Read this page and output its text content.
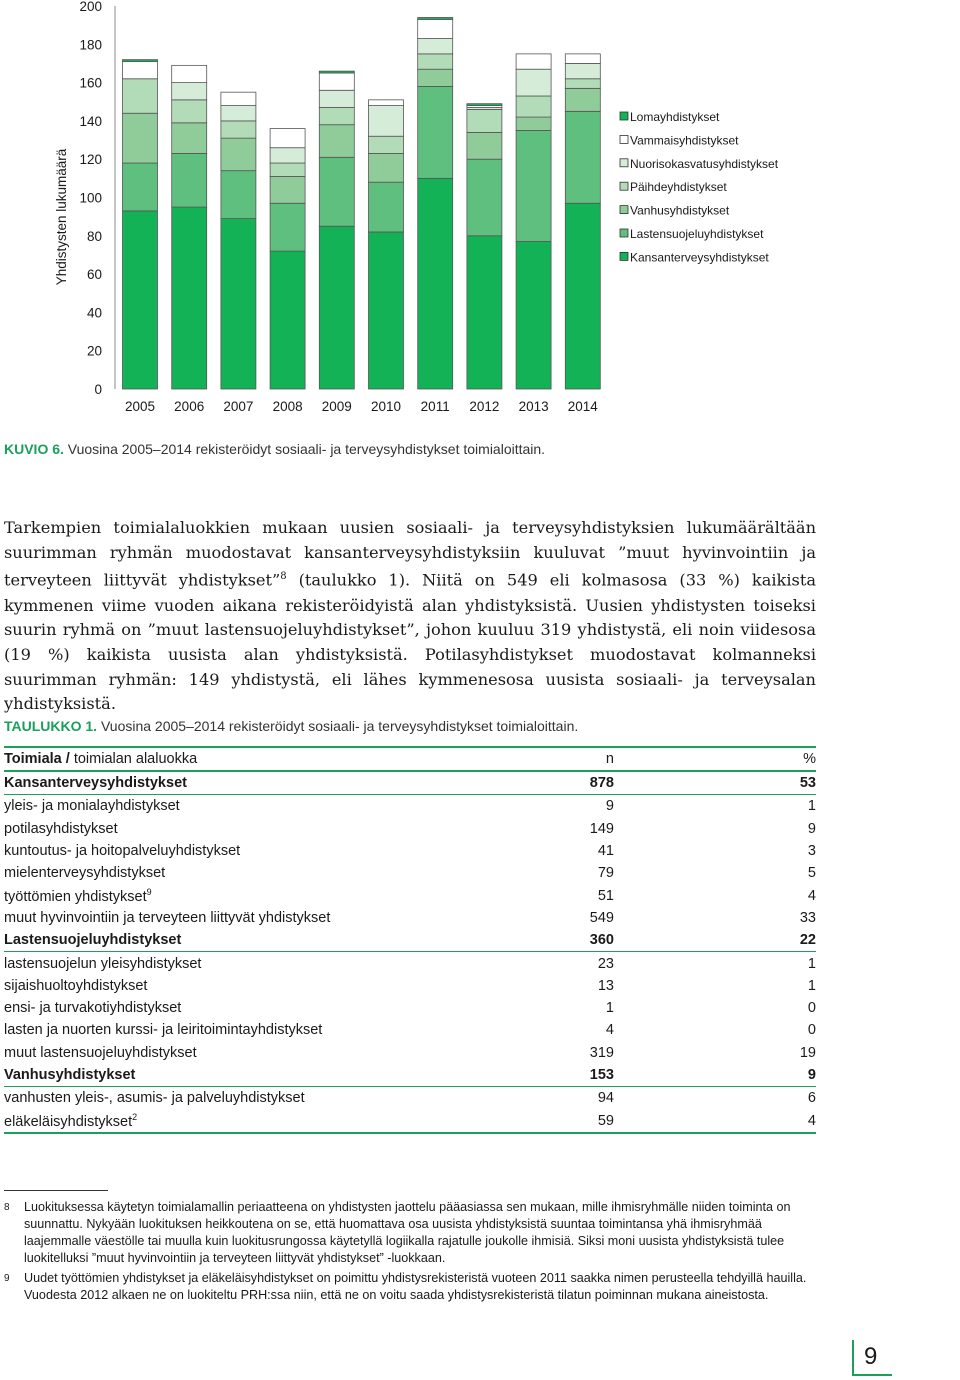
0
20
40
60
80
100
120
140
160
180
200
2005 2006 2007 2008 2009 2010 2011 2012 2013 2014
Yhdistysten lukumäärä
Lomayhdistykset
Vammaisyhdistykset
Nuorisokasvatusyhdistykset
Päihdeyhdistykset
Vanhusyhdistykset
Lastensuojeluyhdistykset
Kansanterveysyhdistykset
KUVIO 6. Vuosina 2005–2014 rekisteröidyt sosiaali- ja terveysyhdistykset toimialoittain.

Tarkempien toimialaluokkien mukaan uusien sosiaali- ja terveysyhdistyksien lukumäärältään suurimman ryhmän muodostavat kansanterveysyhdistyksiin kuuluvat ”muut hyvinvointiin ja terveyteen liittyvät yhdistykset”$^8$ (taulukko 1). Niitä on 549 eli kolmasosa (33 %) kaikista kymmenen viime vuoden aikana rekisteröidyistä alan yhdistyksistä. Uusien yhdistysten toiseksi suurin ryhmä on ”muut lastensuojeluyhdistykset”, johon kuuluu 319 yhdistystä, eli noin viidesosa (19 %) kaikista uusista alan yhdistyksistä. Potilasyhdistykset muodostavat kolmanneksi suurimman ryhmän: 149 yhdistystä, eli lähes kymmenesosa uusista sosiaali- ja terveysalan yhdistyksistä.

TAULUKKO 1. Vuosina 2005–2014 rekisteröidyt sosiaali- ja terveysyhdistykset toimialoittain.
Toimiala / toimialan alaluokka	n	%
Kansanterveysyhdistykset	878	53
yleis- ja monialayhdistykset	9	1
potilasyhdistykset	149	9
kuntoutus- ja hoitopalveluyhdistykset	41	3
mielenterveysyhdistykset	79	5
työttömien yhdistykset$^9$	51	4
muut hyvinvointiin ja terveyteen liittyvät yhdistykset	549	33
Lastensuojeluyhdistykset	360	22
lastensuojelun yleisyhdistykset	23	1
sijaishuoltoyhdistykset	13	1
ensi- ja turvakotiyhdistykset	1	0
lasten ja nuorten kurssi- ja leiritoimintayhdistykset	4	0
muut lastensuojeluyhdistykset	319	19
Vanhusyhdistykset	153	9
vanhusten yleis-, asumis- ja palveluyhdistykset	94	6
eläkeläisyhdistykset$^2$	59	4
8 Luokituksessa käytetyn toimialamallin periaatteena on yhdistysten jaottelu pääasiassa sen mukaan, mille ihmisryhmälle niiden toiminta on suunnattu. Nykyään luokituksen heikkoutena on se, että huomattava osa uusista yhdistyksistä suuntaa toimintansa yhä ihmisryhmää laajemmalle väestölle tai muulla kuin luokitusrungossa käytetyllä logiikalla rajatulle joukolle ihmisiä. Siksi moni uusista yhdistyksistä tulee luokitelluksi ”muut hyvinvointiin ja terveyteen liittyvät yhdistykset” -luokkaan.
9 Uudet työttömien yhdistykset ja eläkeläisyhdistykset on poimittu yhdistysrekisteristä vuoteen 2011 saakka nimen perusteella tehdyillä hauilla. Vuodesta 2012 alkaen ne on luokiteltu PRH:ssa niin, että ne on voitu saada yhdistysrekisteristä tilatun poiminnan mukana aineistosta.
9
